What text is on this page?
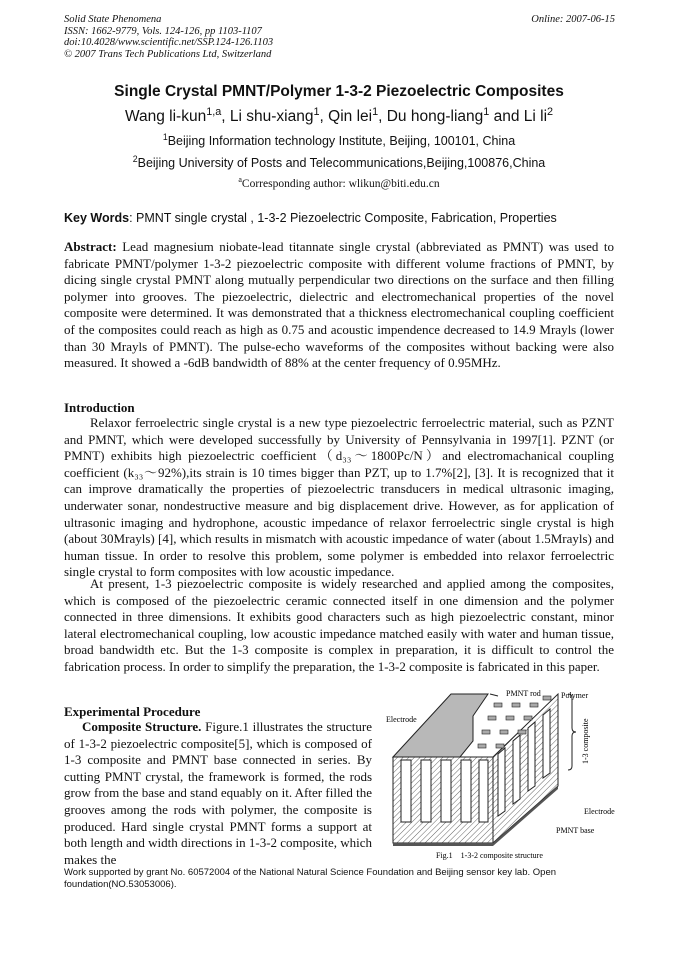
Solid State Phenomena
ISSN: 1662-9779, Vols. 124-126, pp 1103-1107
doi:10.4028/www.scientific.net/SSP.124-126.1103
© 2007 Trans Tech Publications Ltd, Switzerland
Online: 2007-06-15
Single Crystal PMNT/Polymer 1-3-2 Piezoelectric Composites
Wang li-kun$^{1,a}$, Li shu-xiang$^1$, Qin lei$^1$, Du hong-liang$^1$ and Li $li^2$
$^1$Beijing Information technology Institute, Beijing, 100101, China
$^2$Beijing University of Posts and Telecommunications,Beijing,100876,China
$^a$Corresponding author: wlikun@biti.edu.cn
Key Words: PMNT single crystal , 1-3-2 Piezoelectric Composite, Fabrication, Properties
Abstract: Lead magnesium niobate-lead titannate single crystal (abbreviated as PMNT) was used to fabricate PMNT/polymer 1-3-2 piezoelectric composite with different volume fractions of PMNT, by dicing single crystal PMNT along mutually perpendicular two directions on the surface and then filling polymer into grooves. The piezoelectric, dielectric and electromechanical properties of the novel composite were determined. It was demonstrated that a thickness electromechanical coupling coefficient of the composites could reach as high as 0.75 and acoustic impendence decreased to 14.9 Mrayls (lower than 30 Mrayls of PMNT). The pulse-echo waveforms of the composites without backing were also measured. It showed a -6dB bandwidth of 88% at the center frequency of 0.95MHz.
Introduction
Relaxor ferroelectric single crystal is a new type piezoelectric ferroelectric material, such as PZNT and PMNT, which were developed successfully by University of Pennsylvania in 1997[1]. PZNT (or PMNT) exhibits high piezoelectric coefficient（d₃₃～1800Pc/N）and electromachanical coupling coefficient (k₃₃～92%),its strain is 10 times bigger than PZT, up to 1.7%[2], [3]. It is recognized that it can improve dramatically the properties of piezoelectric transducers in medical ultrasonic imaging, underwater sonar, nondestructive measure and big displacement drive. However, as for application of ultrasonic imaging and hydrophone, acoustic impedance of relaxor ferroelectric single crystal is high (about 30Mrayls) [4], which results in mismatch with acoustic impedance of water (about 1.5Mrayls) and human tissue. In order to resolve this problem, some polymer is embedded into relaxor ferroelectric single crystal to form composites with low acoustic impedance.
At present, 1-3 piezoelectric composite is widely researched and applied among the composites, which is composed of the piezoelectric ceramic connected itself in one dimension and the polymer connected in three dimensions. It exhibits good characters such as high piezoelectric constant, minor lateral electromechanical coupling, low acoustic impedance matched easily with water and human tissue, broad bandwidth etc. But the 1-3 composite is complex in preparation, it is difficult to control the fabrication process. In order to simplify the preparation, the 1-3-2 composite is fabricated in this paper.
Experimental Procedure
Composite Structure. Figure.1 illustrates the structure of 1-3-2 piezoelectric composite[5], which is composed of 1-3 composite and PMNT base connected in series. By cutting PMNT crystal, the framework is formed, the rods grow from the base and stand equably on it. After filled the grooves among the rods with polymer, the composite is produced. Hard single crystal PMNT forms a support at both length and width directions in 1-3-2 composite, which makes the
PMNT rod	Polymer
Electrode	1-3 composite
Electrode
PMNT base
Fig.1    1-3-2 composite structure
Work supported by grant No. 60572004 of the National Natural Science Foundation and Beijing sensor key lab. Open foundation(NO.53053006).
